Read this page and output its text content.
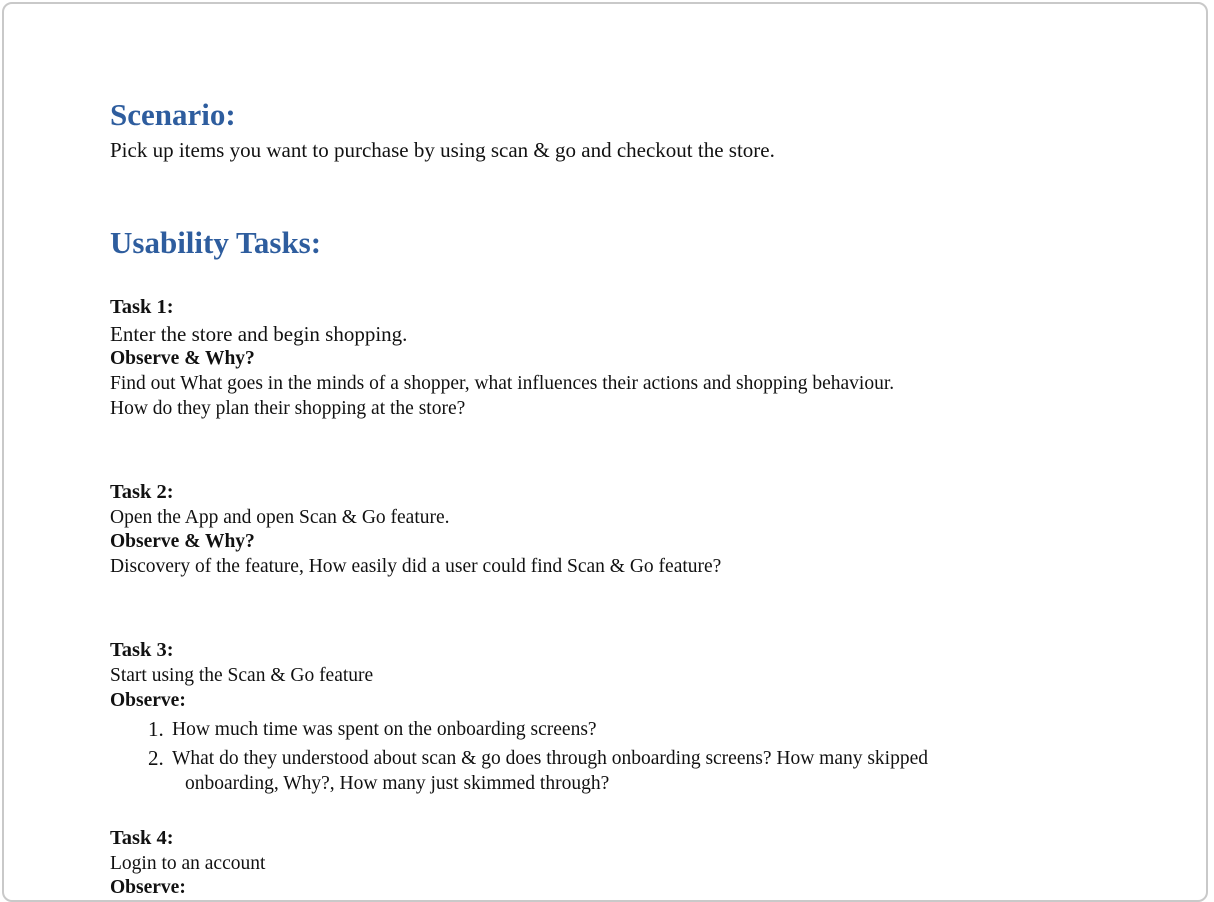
Scenario:
Pick up items you want to purchase by using scan & go and checkout the store.
Usability Tasks:
Task 1:
Enter the store and begin shopping.
Observe & Why?
Find out What goes in the minds of a shopper, what influences their actions and shopping behaviour.
How do they plan their shopping at the store?
Task 2:
Open the App and open Scan & Go feature.
Observe & Why?
Discovery of the feature, How easily did a user could find Scan & Go feature?
Task 3:
Start using the Scan & Go feature
Observe:
1. How much time was spent on the onboarding screens?
2. What do they understood about scan & go does through onboarding screens? How many skipped
onboarding, Why?, How many just skimmed through?
Task 4:
Login to an account
Observe:
